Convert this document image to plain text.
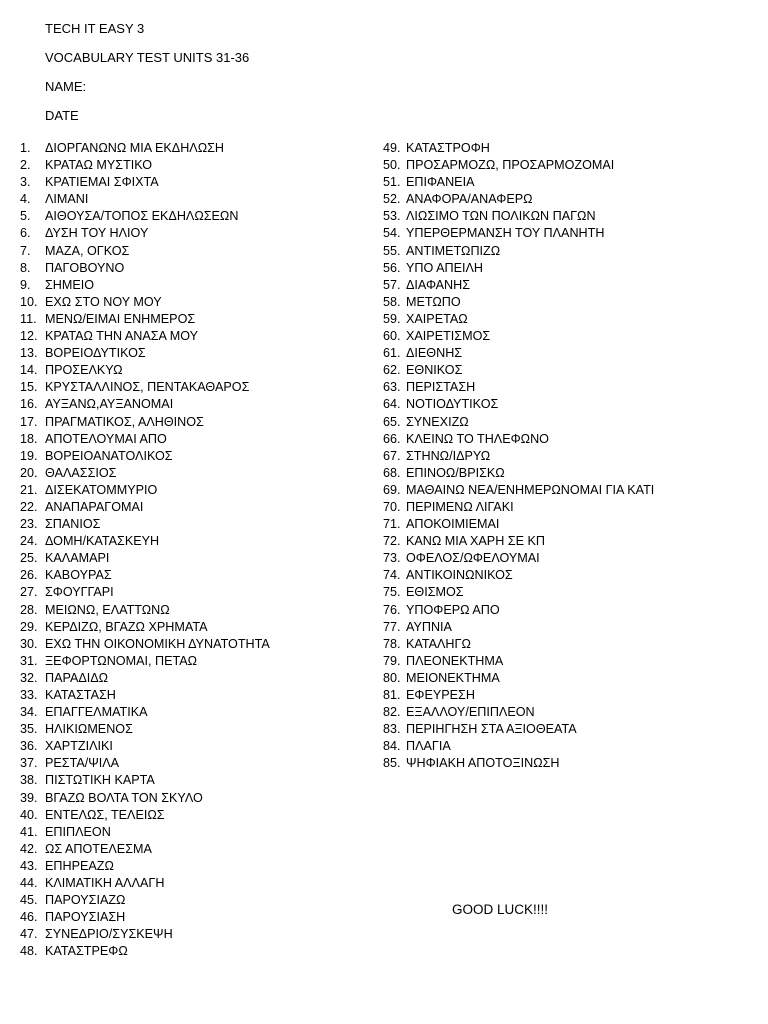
TECH IT EASY 3
VOCABULARY TEST UNITS 31-36
NAME:
DATE
1. ΔΙΟΡΓΑΝΩΝΩ ΜΙΑ ΕΚΔΗΛΩΣΗ
2. ΚΡΑΤΑΩ ΜΥΣΤΙΚΟ
3. ΚΡΑΤΙΕΜΑΙ ΣΦΙΧΤΑ
4. ΛΙΜΑΝΙ
5. ΑΙΘΟΥΣΑ/ΤΟΠΟΣ ΕΚΔΗΛΩΣΕΩΝ
6. ΔΥΣΗ ΤΟΥ ΗΛΙΟΥ
7. ΜΑΖΑ, ΟΓΚΟΣ
8. ΠΑΓΟΒΟΥΝΟ
9. ΣΗΜΕΙΟ
10. ΕΧΩ ΣΤΟ ΝΟΥ ΜΟΥ
11. ΜΕΝΩ/ΕΙΜΑΙ ΕΝΗΜΕΡΟΣ
12. ΚΡΑΤΑΩ ΤΗΝ ΑΝΑΣΑ ΜΟΥ
13. ΒΟΡΕΙΟΔΥΤΙΚΟΣ
14. ΠΡΟΣΕΛΚΥΩ
15. ΚΡΥΣΤΑΛΛΙΝΟΣ, ΠΕΝΤΑΚΑΘΑΡΟΣ
16. ΑΥΞΑΝΩ,ΑΥΞΑΝΟΜΑΙ
17. ΠΡΑΓΜΑΤΙΚΟΣ, ΑΛΗΘΙΝΟΣ
18. ΑΠΟΤΕΛΟΥΜΑΙ ΑΠΟ
19. ΒΟΡΕΙΟΑΝΑΤΟΛΙΚΟΣ
20. ΘΑΛΑΣΣΙΟΣ
21. ΔΙΣΕΚΑΤΟΜΜΥΡΙΟ
22. ΑΝΑΠΑΡΑΓΟΜΑΙ
23. ΣΠΑΝΙΟΣ
24. ΔΟΜΗ/ΚΑΤΑΣΚΕΥΗ
25. ΚΑΛΑΜΑΡΙ
26. ΚΑΒΟΥΡΑΣ
27. ΣΦΟΥΓΓΑΡΙ
28. ΜΕΙΩΝΩ, ΕΛΑΤΤΩΝΩ
29. ΚΕΡΔΙΖΩ, ΒΓΑΖΩ ΧΡΗΜΑΤΑ
30. ΕΧΩ ΤΗΝ ΟΙΚΟΝΟΜΙΚΗ ΔΥΝΑΤΟΤΗΤΑ
31. ΞΕΦΟΡΤΩΝΟΜΑΙ, ΠΕΤΑΩ
32. ΠΑΡΑΔΙΔΩ
33. ΚΑΤΑΣΤΑΣΗ
34. ΕΠΑΓΓΕΛΜΑΤΙΚΑ
35. ΗΛΙΚΙΩΜΕΝΟΣ
36. ΧΑΡΤΖΙΛΙΚΙ
37. ΡΕΣΤΑ/ΨΙΛΑ
38. ΠΙΣΤΩΤΙΚΗ ΚΑΡΤΑ
39. ΒΓΑΖΩ ΒΟΛΤΑ ΤΟΝ ΣΚΥΛΟ
40. ΕΝΤΕΛΩΣ, ΤΕΛΕΙΩΣ
41. ΕΠΙΠΛΕΟΝ
42. ΩΣ ΑΠΟΤΕΛΕΣΜΑ
43. ΕΠΗΡΕΑΖΩ
44. ΚΛΙΜΑΤΙΚΗ ΑΛΛΑΓΗ
45. ΠΑΡΟΥΣΙΑΖΩ
46. ΠΑΡΟΥΣΙΑΣΗ
47. ΣΥΝΕΔΡΙΟ/ΣΥΣΚΕΨΗ
48. ΚΑΤΑΣΤΡΕΦΩ
49. ΚΑΤΑΣΤΡΟΦΗ
50. ΠΡΟΣΑΡΜΟΖΩ, ΠΡΟΣΑΡΜΟΖΟΜΑΙ
51. ΕΠΙΦΑΝΕΙΑ
52. ΑΝΑΦΟΡΑ/ΑΝΑΦΕΡΩ
53. ΛΙΩΣΙΜΟ ΤΩΝ ΠΟΛΙΚΩΝ ΠΑΓΩΝ
54. ΥΠΕΡΘΕΡΜΑΝΣΗ ΤΟΥ ΠΛΑΝΗΤΗ
55. ΑΝΤΙΜΕΤΩΠΙΖΩ
56. ΥΠΟ ΑΠΕΙΛΗ
57. ΔΙΑΦΑΝΗΣ
58. ΜΕΤΩΠΟ
59. ΧΑΙΡΕΤΑΩ
60. ΧΑΙΡΕΤΙΣΜΟΣ
61. ΔΙΕΘΝΗΣ
62. ΕΘΝΙΚΟΣ
63. ΠΕΡΙΣΤΑΣΗ
64. ΝΟΤΙΟΔΥΤΙΚΟΣ
65. ΣΥΝΕΧΙΖΩ
66. ΚΛΕΙΝΩ ΤΟ ΤΗΛΕΦΩΝΟ
67. ΣΤΗΝΩ/ΙΔΡΥΩ
68. ΕΠΙΝΟΩ/ΒΡΙΣΚΩ
69. ΜΑΘΑΙΝΩ ΝΕΑ/ΕΝΗΜΕΡΩΝΟΜΑΙ ΓΙΑ ΚΑΤΙ
70. ΠΕΡΙΜΕΝΩ ΛΙΓΑΚΙ
71. ΑΠΟΚΟΙΜΙΕΜΑΙ
72. ΚΑΝΩ ΜΙΑ ΧΑΡΗ ΣΕ ΚΠ
73. ΟΦΕΛΟΣ/ΩΦΕΛΟΥΜΑΙ
74. ΑΝΤΙΚΟΙΝΩΝΙΚΟΣ
75. ΕΘΙΣΜΟΣ
76. ΥΠΟΦΕΡΩ ΑΠΟ
77. ΑΥΠΝΙΑ
78. ΚΑΤΑΛΗΓΩ
79. ΠΛΕΟΝΕΚΤΗΜΑ
80. ΜΕΙΟΝΕΚΤΗΜΑ
81. ΕΦΕΥΡΕΣΗ
82. ΕΞΑΛΛΟΥ/ΕΠΙΠΛΕΟΝ
83. ΠΕΡΙΗΓΗΣΗ ΣΤΑ ΑΞΙΟΘΕΑΤΑ
84. ΠΛΑΓΙΑ
85. ΨΗΦΙΑΚΗ ΑΠΟΤΟΞΙΝΩΣΗ
GOOD LUCK!!!!
